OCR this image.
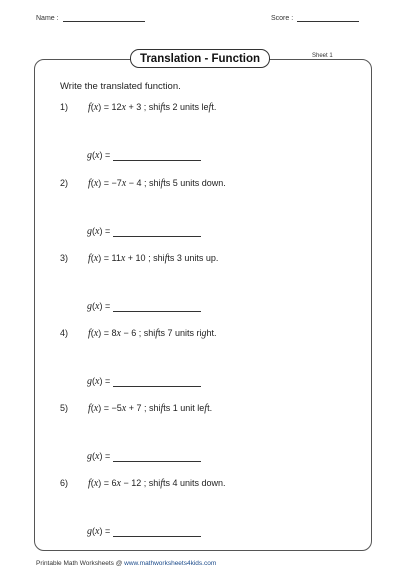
Name :	Score :
Translation - Function	Sheet 1
Write the translated function.
1) f(x) = 12x + 3 ; shifts 2 units left.
g(x) =
2) f(x) = −7x − 4 ; shifts 5 units down.
g(x) =
3) f(x) = 11x + 10 ; shifts 3 units up.
g(x) =
4) f(x) = 8x − 6 ; shifts 7 units right.
g(x) =
5) f(x) = −5x + 7 ; shifts 1 unit left.
g(x) =
6) f(x) = 6x − 12 ; shifts 4 units down.
g(x) =
Printable Math Worksheets @ www.mathworksheets4kids.com
